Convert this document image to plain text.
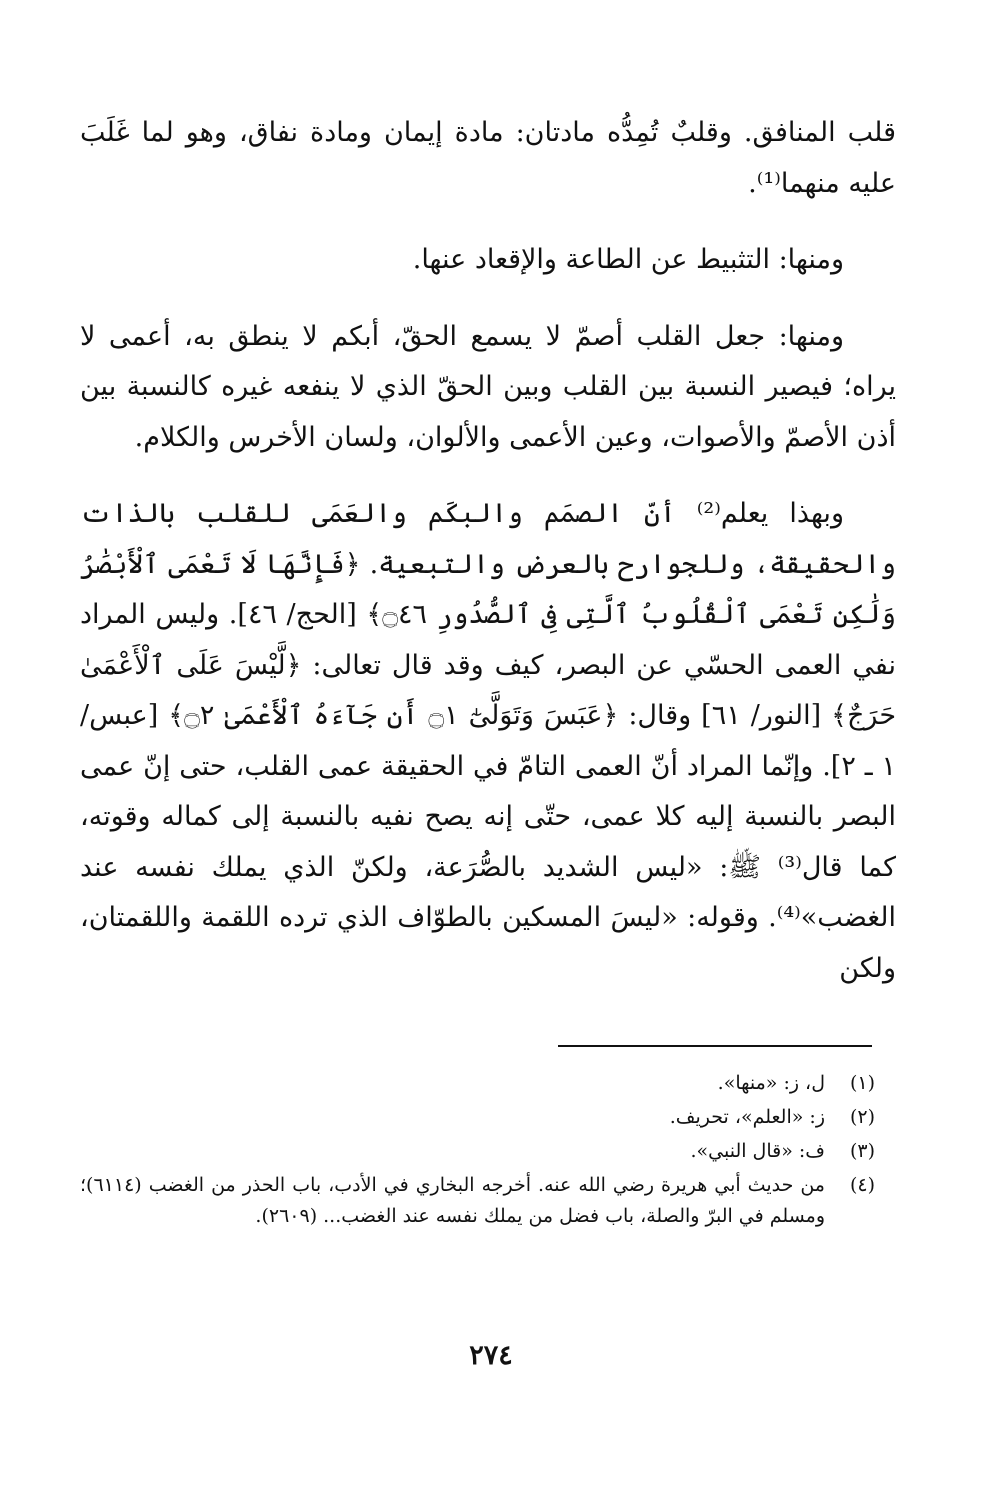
قلب المنافق. وقلبٌ تُمِدُّه مادتان: مادة إيمان ومادة نفاق، وهو لما غَلَبَ عليه منهما⁽¹⁾.

ومنها: التثبيط عن الطاعة والإقعاد عنها.

ومنها: جعل القلب أصمّ لا يسمع الحقّ، أبكم لا ينطق به، أعمى لا يراه؛ فيصير النسبة بين القلب وبين الحقّ الذي لا ينفعه غيره كالنسبة بين أذن الأصمّ والأصوات، وعين الأعمى والألوان، ولسان الأخرس والكلام.

وبهذا يعلم⁽²⁾ أنّ الصمَم والبكَم والعَمَى للقلب بالذات والحقيقة، وللجوارح بالعرض والتبعية. ﴿فَإِنَّهَا لَا تَعْمَى ٱلْأَبْصَٰرُ وَلَٰكِن تَعْمَى ٱلْقُلُوبُ ٱلَّتِى فِى ٱلصُّدُورِ ۝٤٦﴾ [الحج/ ٤٦]. وليس المراد نفي العمى الحسّي عن البصر، كيف وقد قال تعالى: ﴿لَّيْسَ عَلَى ٱلْأَعْمَىٰ حَرَجٌ﴾ [النور/ ٦١] وقال: ﴿عَبَسَ وَتَوَلَّىٰٓ ۝١ أَن جَآءَهُ ٱلْأَعْمَىٰ ۝٢﴾ [عبس/ ١ ـ ٢]. وإنّما المراد أنّ العمى التامّ في الحقيقة عمى القلب، حتى إنّ عمى البصر بالنسبة إليه كلا عمى، حتّى إنه يصح نفيه بالنسبة إلى كماله وقوته، كما قال⁽³⁾ ﷺ: «ليس الشديد بالصُّرَعة، ولكنّ الذي يملك نفسه عند الغضب»⁽⁴⁾. وقوله: «ليسَ المسكين بالطوّاف الذي ترده اللقمة واللقمتان، ولكن

(١)
ل، ز: «منها».
(٢)
ز: «العلم»، تحريف.
(٣)
ف: «قال النبي».
(٤)
من حديث أبي هريرة رضي الله عنه. أخرجه البخاري في الأدب، باب الحذر من الغضب (٦١١٤)؛ ومسلم في البرّ والصلة، باب فضل من يملك نفسه عند الغضب... (٢٦٠٩).
٢٧٤
